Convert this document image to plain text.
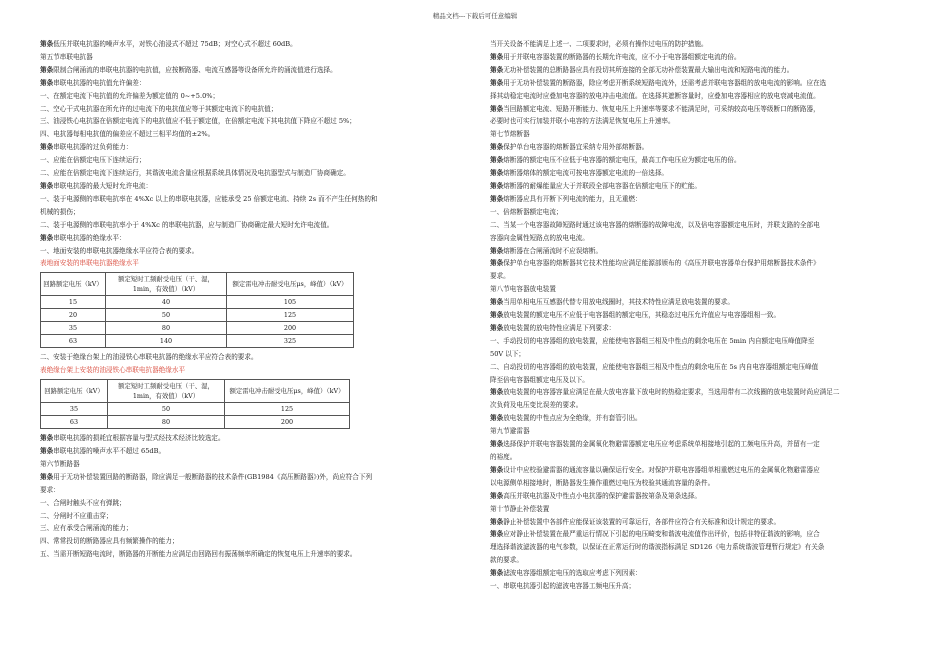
精品文档---下载后可任意编辑

第条低压并联电抗器的噪声水平，对铁心油浸式不超过 75dB；对空心式不超过 60dB。

第五节串联电抗器

第条限制合闸涌流的串联电抗器的电抗值，应按断路器、电流互感器等设备所允许的涌流值进行选择。

第条串联电抗器的电抗值允许偏差：

一、在额定电流下电抗值的允许偏差为额定值的 0~+5.0%；

二、空心干式电抗器在所允许的过电流下的电抗值应等于其额定电流下的电抗值；

三、油浸铁心电抗器在倍额定电流下的电抗值应不低于额定值，在倍额定电流下其电抗值下降应不超过 5%；

四、电抗器每相电抗值的偏差应不超过三相平均值的±2%。

第条串联电抗器的过负荷能力：

一、应能在倍额定电压下连续运行；

二、应能在倍额定电流下连续运行，其谐波电流含量应根据系统具体情况及电抗器型式与制造厂协商确定。

第条串联电抗器的最大短时允许电流：

一、装于电源侧的串联电抗率在 4%Xc 以上的串联电抗器，应能承受 25 倍额定电流、持续 2s 而不产生任何热的和

机械的损伤；

二、装于电源侧的串联电抗率小于 4%Xc 的串联电抗器，应与制造厂协商确定最大短时允许电流值。

第条串联电抗器的绝缘水平：

一、地面安装的串联电抗器绝缘水平应符合表的要求。

表地面安装的串联电抗器绝缘水平

回路额定电压（kV）	额定短时工频耐受电压（干、湿，1min，有效值）（kV）	额定雷电冲击耐受电压μs，峰值）（kV）
15	40	105
20	50	125
35	80	200
63	140	325

二、安装于绝缘台架上的油浸铁心串联电抗器的绝缘水平应符合表的要求。

表绝缘台架上安装的油浸铁心串联电抗器绝缘水平

回路额定电压（kV）	额定短时工频耐受电压（干、湿，1min，有效值）（kV）	额定雷电冲击耐受电压μs，峰值）（kV）
35	50	125
63	80	200

第条串联电抗器的损耗宜根据容量与型式经技术经济比较选定。

第条串联电抗器的噪声水平不超过 65dB。

第六节断路器

第条用于无功补偿装置回路的断路器，除应满足一般断路器的技术条件(GB1984《高压断路器》)外，尚应符合下列

要求：

一、合闸时触头不应有弹跳；

二、分闸时不应重击穿；

三、应有承受合闸涌流的能力；

四、常常投切的断路器应具有频繁操作的能力；

五、当需开断短路电流时，断路器的开断能力应满足由回路回有振荡频率所确定的恢复电压上升速率的要求。

当开关设备不能满足上述一、二项要求时，必须有操作过电压的防护措施。

第条用于并联电容器装置的断路器的长期允许电流，应不小于电容器组额定电流的倍。

第条无功补偿装置的总断路器应具有投切其所连接的全部无功补偿装置最大输出电流和短路电流的能力。

第条用于无功补偿装置的断路器，除应考虑开断系统短路电流外，还需考虑并联电容器组的放电电流的影响。应在选

择其动稳定电流时应叠加电容器的放电冲击电流值。在选择其遮断容量时，应叠加电容器相应的放电衰减电流值。

第条当回路额定电流、短路开断能力、恢复电压上升速率等要求不能满足时，可采纳较高电压等级断口的断路器，

必要时也可实行加装并联小电容的方法满足恢复电压上升速率。

第七节熔断器

第条保护单台电容器的熔断器宜采纳专用外部熔断器。

第条熔断器的额定电压不应低于电容器的额定电压，最高工作电压应为额定电压的倍。

第条熔断器熔体的额定电流可按电容器额定电流的一倍选择。

第条熔断器的耐爆能量应大于并联段全部电容器在倍额定电压下的贮能。

第条熔断器应具有开断下列电流的能力，且无重燃：

一、倍熔断器额定电流；

二、当某一个电容器故障短路时通过该电容器的熔断器的故障电流，以及倍电容器额定电压时，并联支路的全部电

容器向金属性短路点的放电电流。

第条熔断器在合闸涌流时不应误熔断。

第条保护单台电容器的熔断器其它技术性能均应满足能源部颁布的《高压并联电容器单台保护用熔断器技术条件》

要求。

第八节电容器放电装置

第条当用单相电压互感器代替专用放电线圈时，其技术特性应满足放电装置的要求。

第条放电装置的额定电压不应低于电容器组的额定电压，其稳态过电压允许值应与电容器组相一致。

第条放电装置的放电特性应满足下列要求：

一、手动投切的电容器组的放电装置，应能使电容器组三相及中性点的剩余电压在 5min 内自额定电压峰值降至

50V 以下；

二、自动投切的电容器组的放电装置，应能使电容器组三相及中性点的剩余电压在 5s 内自电容器组额定电压峰值

降至倍电容器组额定电压及以下。

第条放电装置的电容器容量应满足在最大放电容量下放电时的热稳定要求，当选用带有二次线圈的放电装置时尚应满足二

次负荷及电压变比误差的要求。

第条放电装置的中性点应为全绝缘，并有套管引出。

第九节避雷器

第条选择保护并联电容器装置的金属氧化物避雷器额定电压应考虑系统单相接地引起的工频电压升高，并留有一定

的裕度。

第条设计中应校验避雷器的通流容量以确保运行安全。对保护并联电容器组单相重燃过电压的金属氧化物避雷器应

以电源侧单相接地时，断路器发生操作重燃过电压为校验其通流容量的条件。

第条高压并联电抗器及中性点小电抗器的保护避雷器按第条及第条选择。

第十节静止补偿装置

第条静止补偿装置中各部件应能保证该装置的可靠运行，各部件应符合有关标准和设计规定的要求。

第条应对静止补偿装置在最严重运行情况下引起的电压畸变和谐波电流值作出评价，包括非特征谐波的影响，应合

理选择谐波滤波器的电气参数，以保证在正常运行时的谐波指标满足 SD126《电力系统谐波管理暂行规定》有关条

款的要求。

第条滤波电容器组额定电压的选取应考虑下列因素：

一、串联电抗器引起的滤波电容器工频电压升高；
